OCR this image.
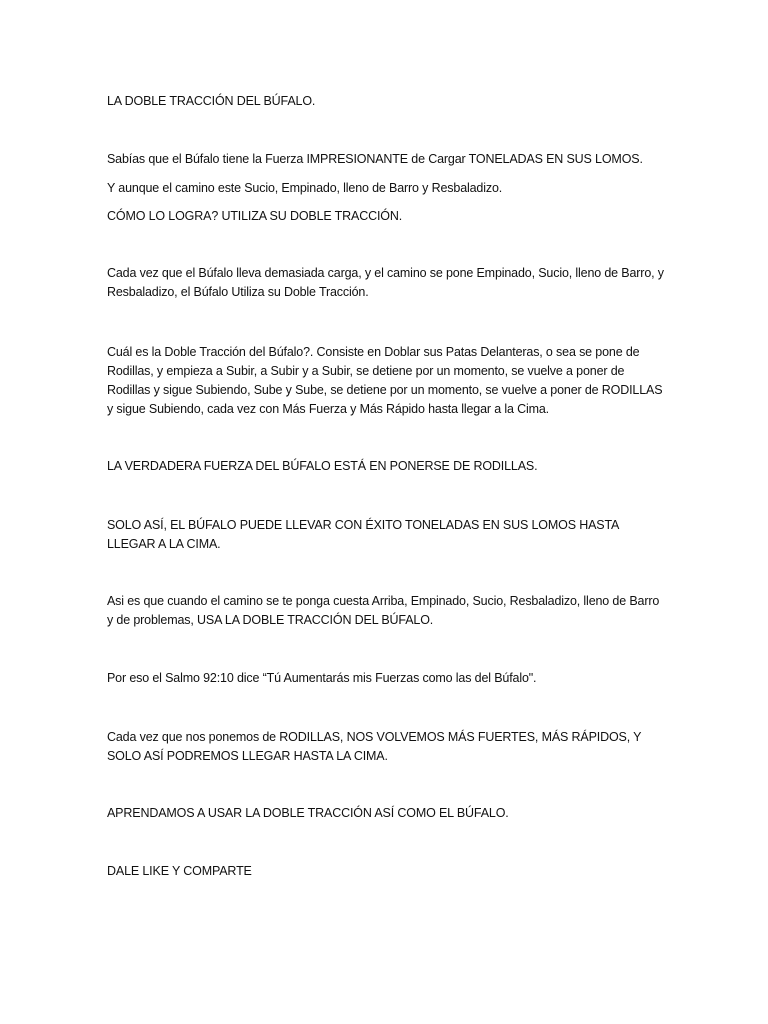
LA DOBLE TRACCIÓN DEL BÚFALO.

Sabías que el Búfalo tiene la Fuerza IMPRESIONANTE de Cargar TONELADAS EN SUS LOMOS.

Y aunque el camino este Sucio, Empinado, lleno de Barro y Resbaladizo.

CÓMO LO LOGRA? UTILIZA SU DOBLE TRACCIÓN.

Cada vez que el Búfalo lleva demasiada carga, y el camino se pone Empinado, Sucio, lleno de Barro, y Resbaladizo, el Búfalo Utiliza su Doble Tracción.

Cuál es la Doble Tracción del Búfalo?. Consiste en Doblar sus Patas Delanteras, o sea se pone de Rodillas, y empieza a Subir, a Subir y a Subir, se detiene por un momento, se vuelve a poner de Rodillas y sigue Subiendo, Sube y Sube, se detiene por un momento, se vuelve a poner de RODILLAS y sigue Subiendo, cada vez con Más Fuerza y Más Rápido hasta llegar a la Cima.

LA VERDADERA FUERZA DEL BÚFALO ESTÁ EN PONERSE DE RODILLAS.

SOLO ASÍ, EL BÚFALO PUEDE LLEVAR CON ÉXITO TONELADAS EN SUS LOMOS HASTA LLEGAR A LA CIMA.

Asi es que cuando el camino se te ponga cuesta Arriba, Empinado, Sucio, Resbaladizo, lleno de Barro y de problemas, USA LA DOBLE TRACCIÓN DEL BÚFALO.

Por eso el Salmo 92:10 dice “Tú Aumentarás mis Fuerzas como las del Búfalo".

Cada vez que nos ponemos de RODILLAS, NOS VOLVEMOS MÁS FUERTES, MÁS RÁPIDOS, Y SOLO ASÍ PODREMOS LLEGAR HASTA LA CIMA.

APRENDAMOS A USAR LA DOBLE TRACCIÓN ASÍ COMO EL BÚFALO.

DALE LIKE Y COMPARTE
